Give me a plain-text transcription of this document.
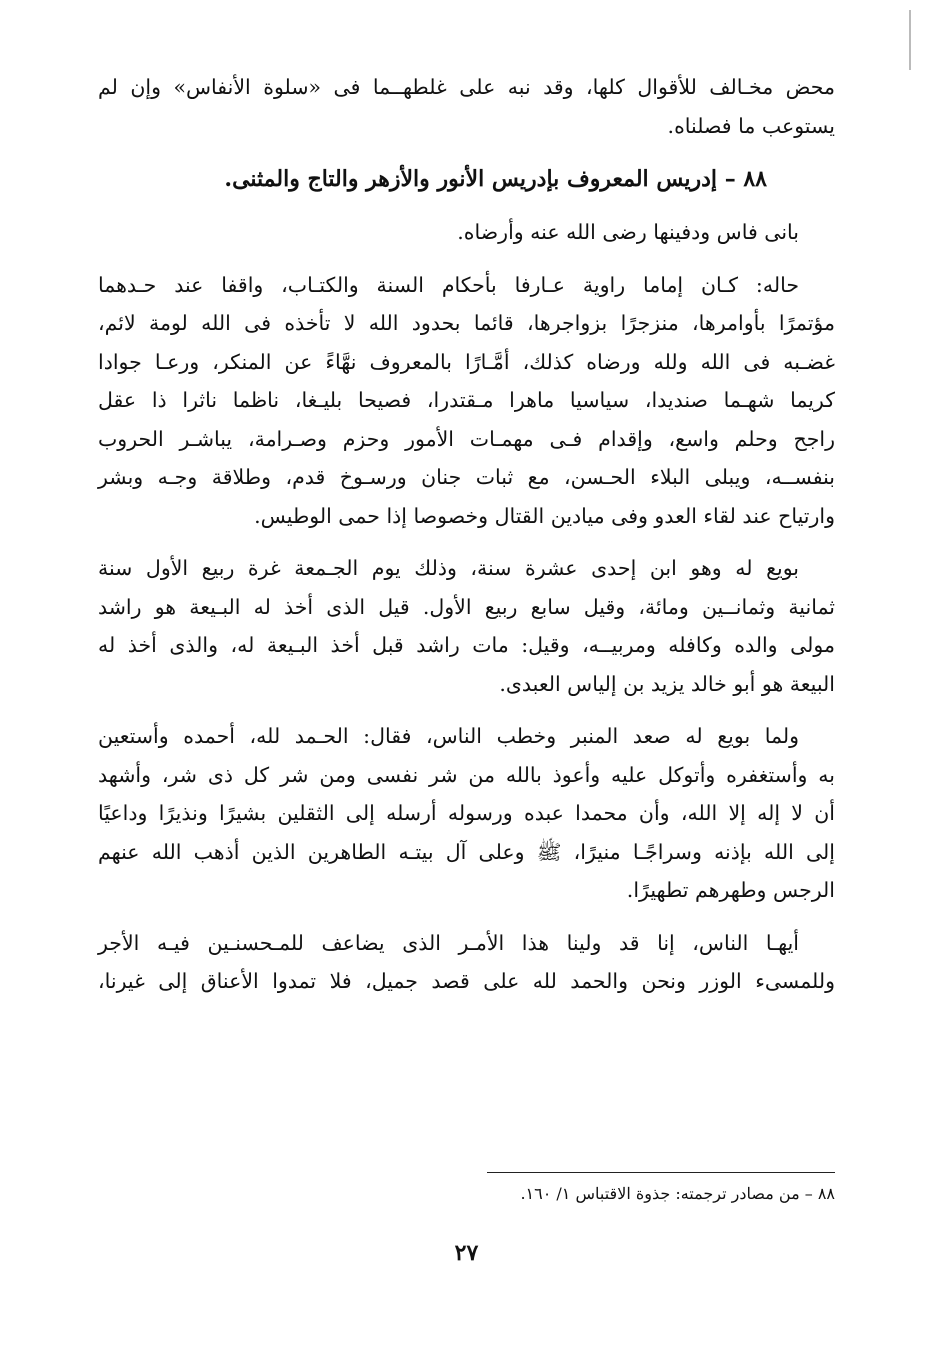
محض مخـالف للأقوال كلها، وقد نبه على غلطهــما فى «سلوة الأنفاس» وإن لم
يستوعب ما فصلناه.
٨٨ – إدريس المعروف بإدريس الأنور والأزهر والتاج والمثنى.
بانى فاس ودفينها رضى الله عنه وأرضاه.
حاله: كـان إماما راوية عـارفا بأحكام السنة والكتـاب، واقفا عند حـدهما
مؤتمرًا بأوامرها، منزجرًا بزواجرها، قائما بحدود الله لا تأخذه فى الله لومة لائم،
غضـبه فى الله ولله ورضاه كذلك، أمَّـارًا بالمعروف نهَّاءً عن المنكر، ورعـا جوادا
كريما شهـما صنديدا، سياسيا ماهرا مـقتدرا، فصيحا بليـغا، ناظما ناثرا ذا عقل
راجح وحلم واسع، وإقدام فـى مهمـات الأمور وحزم وصـرامة، يباشـر الحروب
بنفســه، ويبلى البلاء الحـسن، مع ثبات جنان ورسـوخ قدم، وطلاقة وجـه وبشر
وارتياح عند لقاء العدو وفى ميادين القتال وخصوصا إذا حمى الوطيس.
بويع له وهو ابن إحدى عشرة سنة، وذلك يوم الجـمعة غرة ربيع الأول سنة
ثمانية وثمانــين ومائة، وقيل سابع ربيع الأول. قيل الذى أخذ له البـيعة هو راشد
مولى والده وكافله ومربيــه، وقيل: مات راشد قبل أخذ البـيعة له، والذى أخذ له
البيعة هو أبو خالد يزيد بن إلياس العبدى.
ولما بويع له صعد المنبر وخطب الناس، فقال: الحـمد لله، أحمده وأستعين
به وأستغفره وأتوكل عليه وأعوذ بالله من شر نفسى ومن شر كل ذى شر، وأشهد
أن لا إله إلا الله، وأن محمدا عبده ورسوله أرسله إلى الثقلين بشيرًا ونذيرًا وداعيًا
إلى الله بإذنه وسراجًـا منيرًا، ﷺ وعلى آل بيتـه الطاهرين الذين أذهب الله عنهم
الرجس وطهرهم تطهيرًا.
أيهـا الناس، إنا قد ولينا هذا الأمـر الذى يضاعف للمـحسنـين فيـه الأجر
وللمسىء الوزر ونحن والحمد لله على قصد جميل، فلا تمدوا الأعناق إلى غيرنا،
٨٨ – من مصادر ترجمته: جذوة الاقتباس ١/ ١٦٠.
٢٧
